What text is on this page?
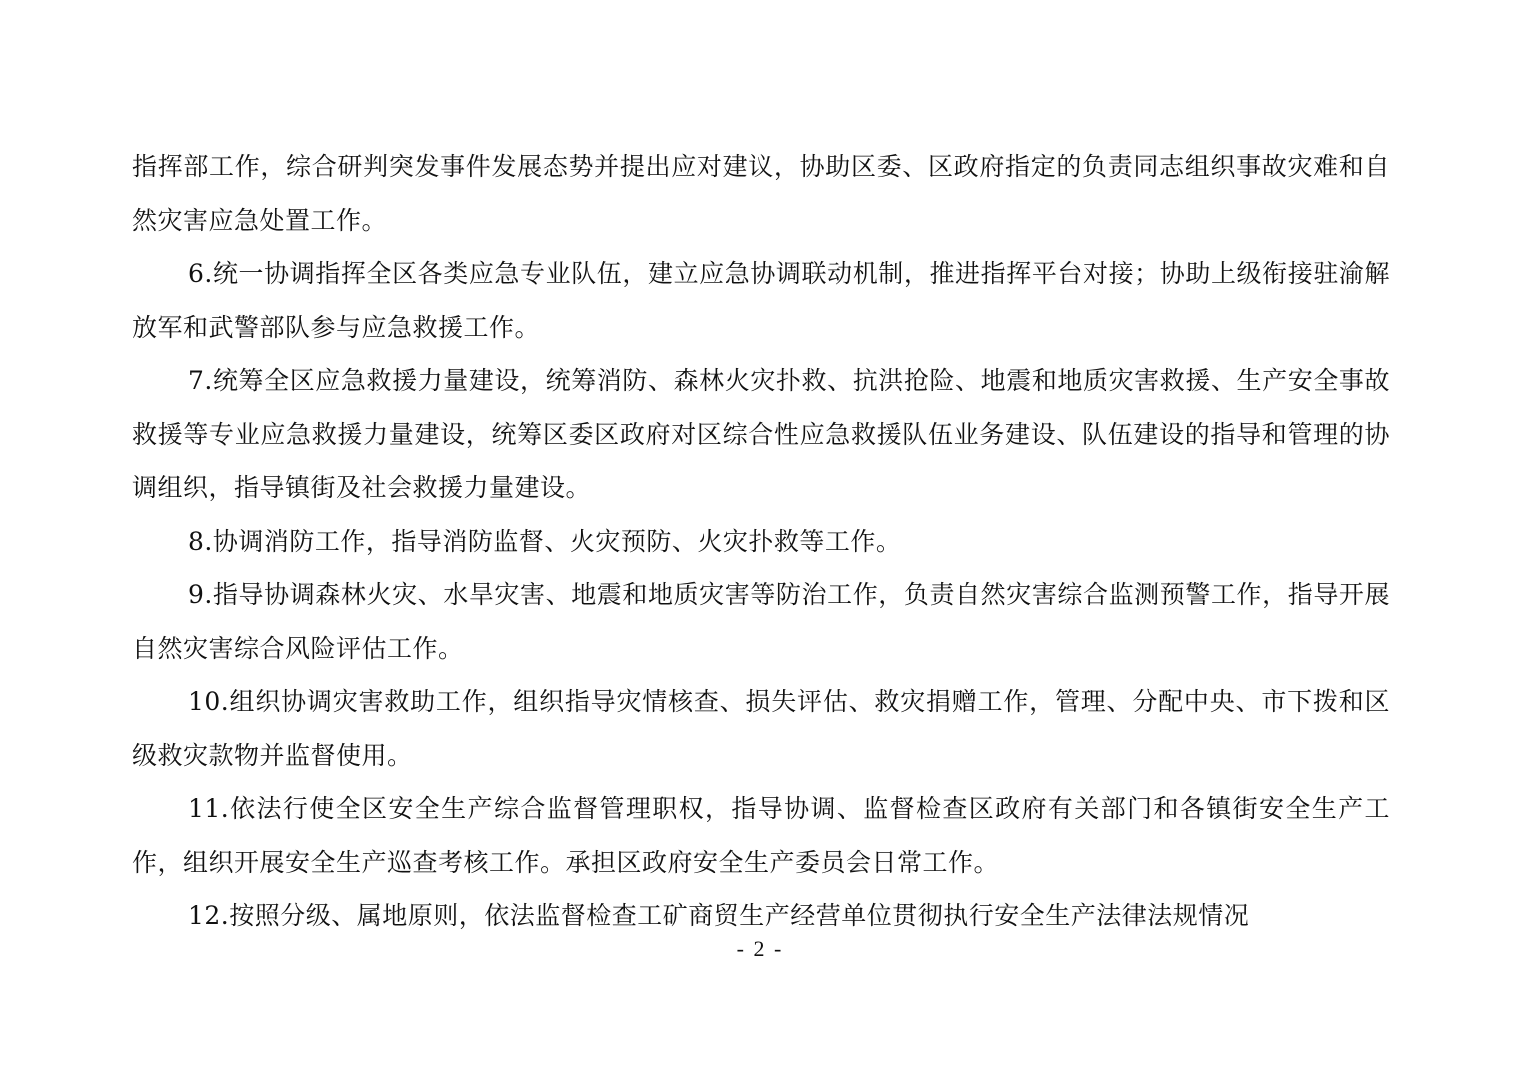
指挥部工作，综合研判突发事件发展态势并提出应对建议，协助区委、区政府指定的负责同志组织事故灾难和自然灾害应急处置工作。

6.统一协调指挥全区各类应急专业队伍，建立应急协调联动机制，推进指挥平台对接；协助上级衔接驻渝解放军和武警部队参与应急救援工作。

7.统筹全区应急救援力量建设，统筹消防、森林火灾扑救、抗洪抢险、地震和地质灾害救援、生产安全事故救援等专业应急救援力量建设，统筹区委区政府对区综合性应急救援队伍业务建设、队伍建设的指导和管理的协调组织，指导镇街及社会救援力量建设。

8.协调消防工作，指导消防监督、火灾预防、火灾扑救等工作。

9.指导协调森林火灾、水旱灾害、地震和地质灾害等防治工作，负责自然灾害综合监测预警工作，指导开展自然灾害综合风险评估工作。

10.组织协调灾害救助工作，组织指导灾情核查、损失评估、救灾捐赠工作，管理、分配中央、市下拨和区级救灾款物并监督使用。

11.依法行使全区安全生产综合监督管理职权，指导协调、监督检查区政府有关部门和各镇街安全生产工作，组织开展安全生产巡查考核工作。承担区政府安全生产委员会日常工作。

12.按照分级、属地原则，依法监督检查工矿商贸生产经营单位贯彻执行安全生产法律法规情况

- 2 -
